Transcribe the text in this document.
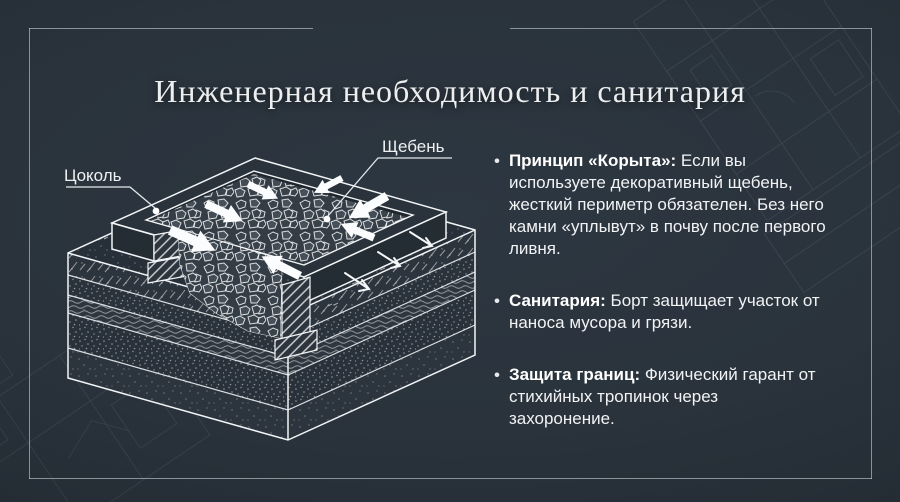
Инженерная необходимость и санитария
Цоколь
Щебень
• Принцип «Корыта»: Если вы используете декоративный щебень, жесткий периметр обязателен. Без него камни «уплывут» в почву после первого ливня.

• Санитария: Борт защищает участок от наноса мусора и грязи.

• Защита границ: Физический гарант от стихийных тропинок через захоронение.
